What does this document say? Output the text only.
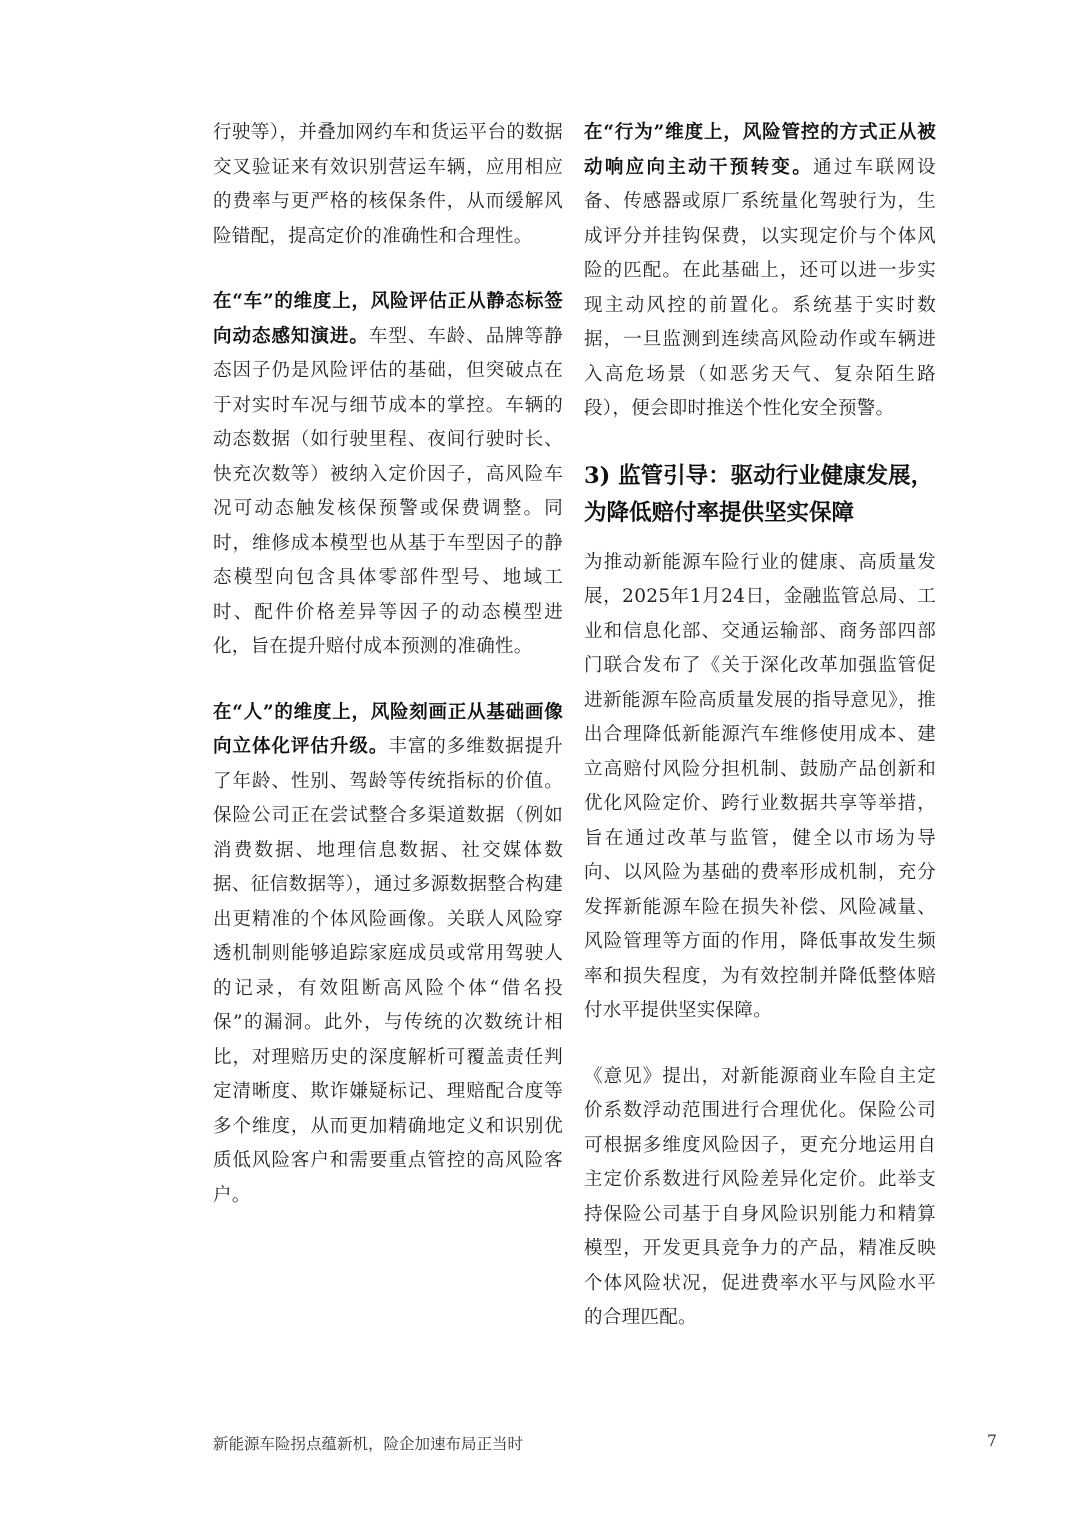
行驶等），并叠加网约车和货运平台的数据交叉验证来有效识别营运车辆，应用相应的费率与更严格的核保条件，从而缓解风险错配，提高定价的准确性和合理性。

在“车”的维度上，风险评估正从静态标签向动态感知演进。车型、车龄、品牌等静态因子仍是风险评估的基础，但突破点在于对实时车况与细节成本的掌控。车辆的动态数据（如行驶里程、夜间行驶时长、快充次数等）被纳入定价因子，高风险车况可动态触发核保预警或保费调整。同时，维修成本模型也从基于车型因子的静态模型向包含具体零部件型号、地域工时、配件价格差异等因子的动态模型进化，旨在提升赔付成本预测的准确性。

在“人”的维度上，风险刻画正从基础画像向立体化评估升级。丰富的多维数据提升了年龄、性别、驾龄等传统指标的价值。保险公司正在尝试整合多渠道数据（例如消费数据、地理信息数据、社交媒体数据、征信数据等），通过多源数据整合构建出更精准的个体风险画像。关联人风险穿透机制则能够追踪家庭成员或常用驾驶人的记录，有效阻断高风险个体“借名投保”的漏洞。此外，与传统的次数统计相比，对理赔历史的深度解析可覆盖责任判定清晰度、欺诈嫌疑标记、理赔配合度等多个维度，从而更加精确地定义和识别优质低风险客户和需要重点管控的高风险客户。

在“行为”维度上，风险管控的方式正从被动响应向主动干预转变。通过车联网设备、传感器或原厂系统量化驾驶行为，生成评分并挂钩保费，以实现定价与个体风险的匹配。在此基础上，还可以进一步实现主动风控的前置化。系统基于实时数据，一旦监测到连续高风险动作或车辆进入高危场景（如恶劣天气、复杂陌生路段），便会即时推送个性化安全预警。

3) 监管引导：驱动行业健康发展，为降低赔付率提供坚实保障

为推动新能源车险行业的健康、高质量发展，2025年1月24日，金融监管总局、工业和信息化部、交通运输部、商务部四部门联合发布了《关于深化改革加强监管促进新能源车险高质量发展的指导意见》，推出合理降低新能源汽车维修使用成本、建立高赔付风险分担机制、鼓励产品创新和优化风险定价、跨行业数据共享等举措，旨在通过改革与监管，健全以市场为导向、以风险为基础的费率形成机制，充分发挥新能源车险在损失补偿、风险减量、风险管理等方面的作用，降低事故发生频率和损失程度，为有效控制并降低整体赔付水平提供坚实保障。

《意见》提出，对新能源商业车险自主定价系数浮动范围进行合理优化。保险公司可根据多维度风险因子，更充分地运用自主定价系数进行风险差异化定价。此举支持保险公司基于自身风险识别能力和精算模型，开发更具竞争力的产品，精准反映个体风险状况，促进费率水平与风险水平的合理匹配。

新能源车险拐点蕴新机，险企加速布局正当时	7
